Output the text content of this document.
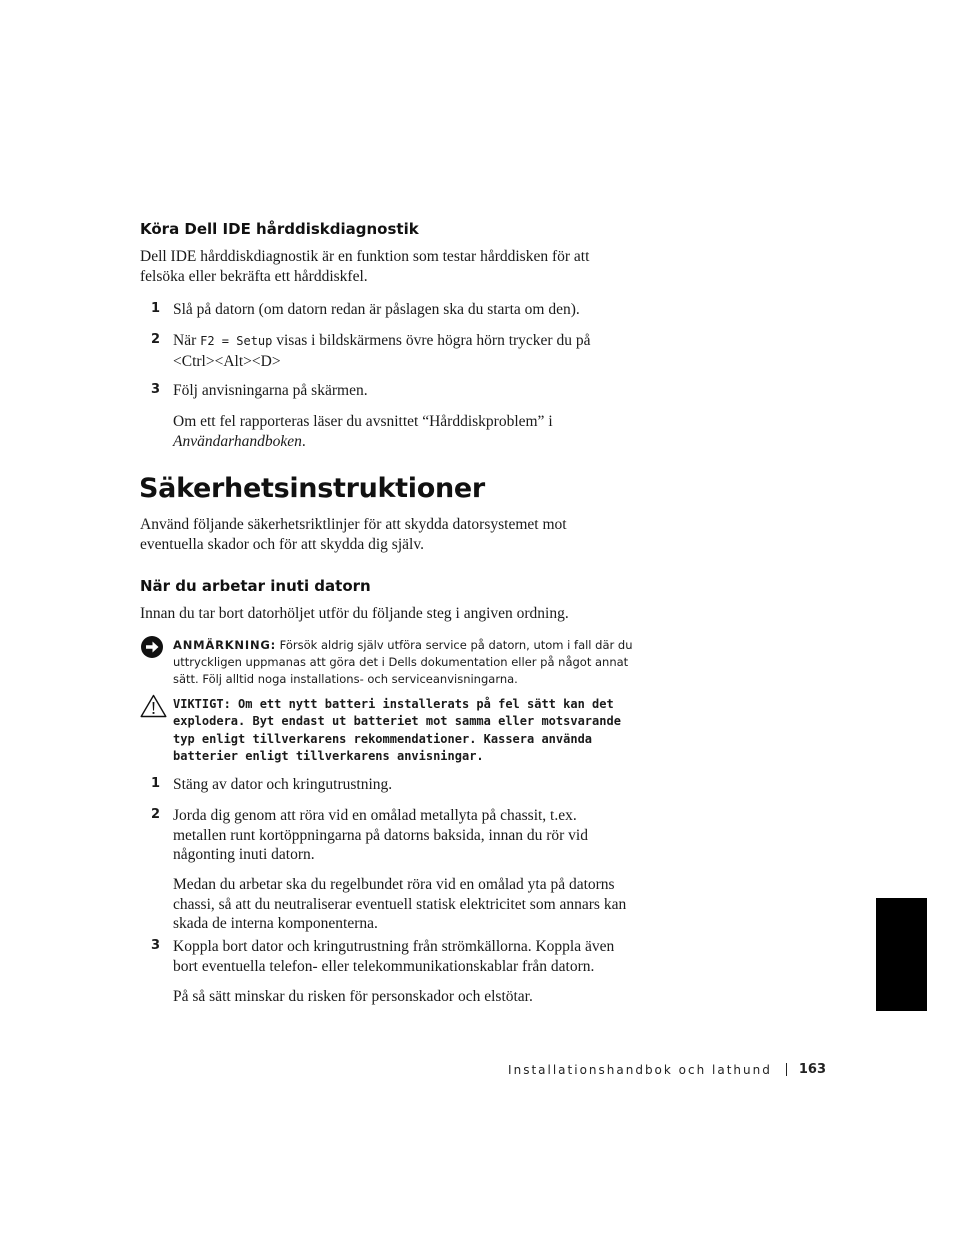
Köra Dell IDE hårddiskdiagnostik

Dell IDE hårddiskdiagnostik är en funktion som testar hårddisken för att felsöka eller bekräfta ett hårddiskfel.

1 Slå på datorn (om datorn redan är påslagen ska du starta om den).
2 När F2 = Setup visas i bildskärmens övre högra hörn trycker du på <Ctrl><Alt><D>
3 Följ anvisningarna på skärmen.

Om ett fel rapporteras läser du avsnittet “Hårddiskproblem” i Användarhandboken.

Säkerhetsinstruktioner

Använd följande säkerhetsriktlinjer för att skydda datorsystemet mot eventuella skador och för att skydda dig själv.

När du arbetar inuti datorn

Innan du tar bort datorhöljet utför du följande steg i angiven ordning.

ANMÄRKNING: Försök aldrig själv utföra service på datorn, utom i fall där du uttryckligen uppmanas att göra det i Dells dokumentation eller på något annat sätt. Följ alltid noga installations- och serviceanvisningarna.
VIKTIGT: Om ett nytt batteri installerats på fel sätt kan det explodera. Byt endast ut batteriet mot samma eller motsvarande typ enligt tillverkarens rekommendationer. Kassera använda batterier enligt tillverkarens anvisningar.
1 Stäng av dator och kringutrustning.
2 Jorda dig genom att röra vid en omålad metallyta på chassit, t.ex. metallen runt kortöppningarna på datorns baksida, innan du rör vid någonting inuti datorn.

Medan du arbetar ska du regelbundet röra vid en omålad yta på datorns chassi, så att du neutraliserar eventuell statisk elektricitet som annars kan skada de interna komponenterna.

3 Koppla bort dator och kringutrustning från strömkällorna. Koppla även bort eventuella telefon- eller telekommunikationskablar från datorn.

På så sätt minskar du risken för personskador och elstötar.

Installationshandbok och lathund 163
